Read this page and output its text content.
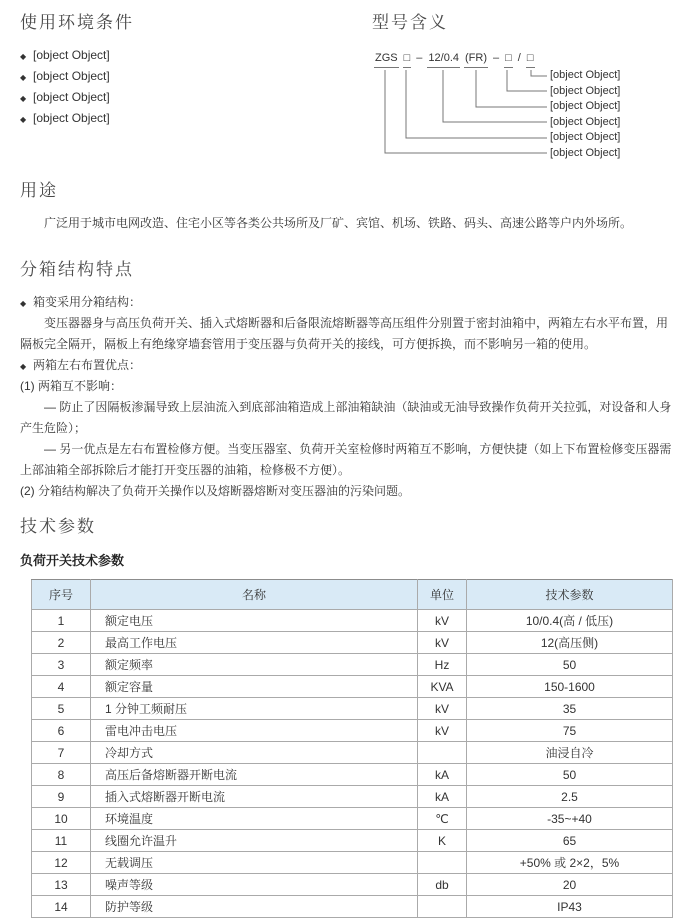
使用环境条件
◆ [object Object]
◆ [object Object]
◆ [object Object]
◆ [object Object]
型号含义
ZGS □ – 12/0.4 (FR) – □ / □
[object Object]
[object Object]
[object Object]
[object Object]
[object Object]
[object Object]
用途

广泛用于城市电网改造、住宅小区等各类公共场所及厂矿、宾馆、机场、铁路、码头、高速公路等户内外场所。

分箱结构特点
◆ 箱变采用分箱结构：
变压器器身与高压负荷开关、插入式熔断器和后备限流熔断器等高压组件分别置于密封油箱中，两箱左右水平布置，用隔板完全隔开，隔板上有绝缘穿墙套管用于变压器与负荷开关的接线，可方便拆换，而不影响另一箱的使用。
◆ 两箱左右布置优点：
(1) 两箱互不影响：
— 防止了因隔板渗漏导致上层油流入到底部油箱造成上部油箱缺油（缺油或无油导致操作负荷开关拉弧，对设备和人身产生危险）；
— 另一优点是左右布置检修方便。当变压器室、负荷开关室检修时两箱互不影响，方便快捷（如上下布置检修变压器需上部油箱全部拆除后才能打开变压器的油箱，检修极不方便）。
(2) 分箱结构解决了负荷开关操作以及熔断器熔断对变压器油的污染问题。
技术参数
负荷开关技术参数
序号	名称	单位	技术参数
1	额定电压	kV	10/0.4(高 / 低压)
2	最高工作电压	kV	12(高压侧)
3	额定频率	Hz	50
4	额定容量	KVA	150-1600
5	1 分钟工频耐压	kV	35
6	雷电冲击电压	kV	75
7	冷却方式		油浸自冷
8	高压后备熔断器开断电流	kA	50
9	插入式熔断器开断电流	kA	2.5
10	环境温度	℃	-35~+40
11	线圈允许温升	K	65
12	无载调压		+50% 或 2×2，5%
13	噪声等级	db	20
14	防护等级		IP43
